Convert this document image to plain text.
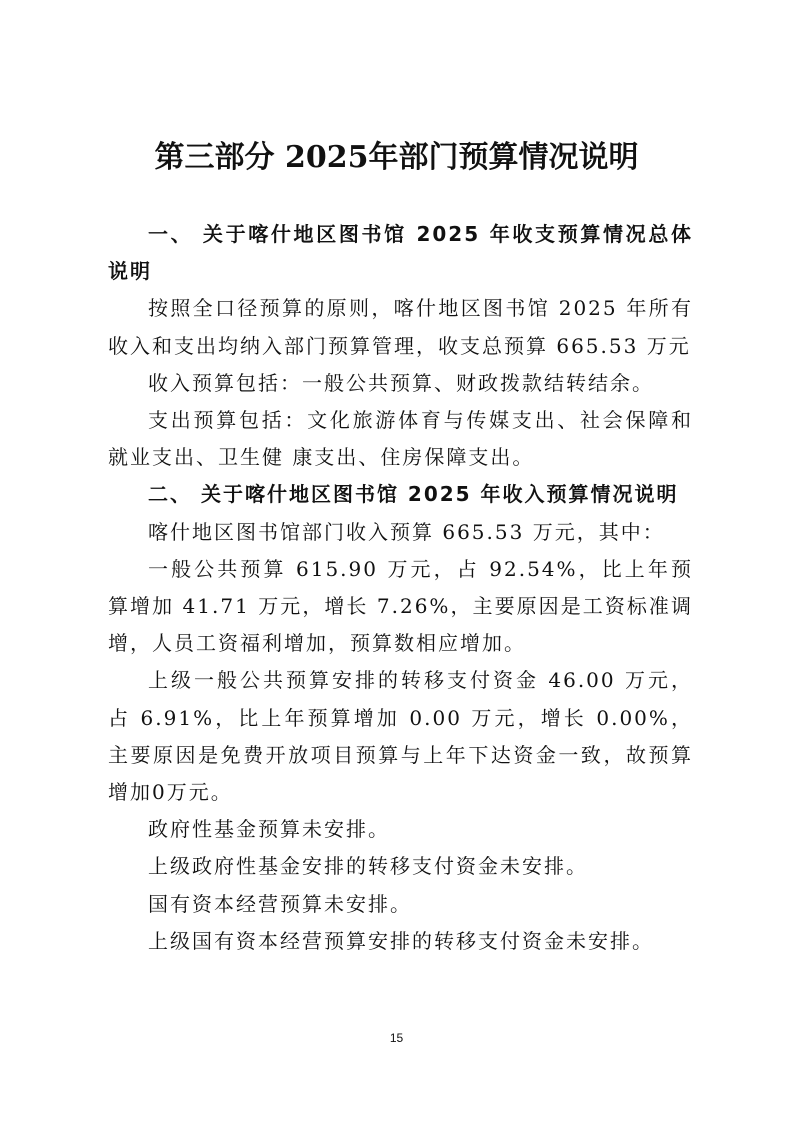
第三部分 2025年部门预算情况说明
一、 关于喀什地区图书馆 2025 年收支预算情况总体说明
按照全口径预算的原则，喀什地区图书馆 2025 年所有收入和支出均纳入部门预算管理，收支总预算 665.53 万元
收入预算包括：一般公共预算、财政拨款结转结余。
支出预算包括：文化旅游体育与传媒支出、社会保障和就业支出、卫生健 康支出、住房保障支出。
二、 关于喀什地区图书馆 2025 年收入预算情况说明
喀什地区图书馆部门收入预算 665.53 万元，其中：
一般公共预算 615.90 万元，占 92.54%，比上年预算增加 41.71 万元，增长 7.26%，主要原因是工资标准调增，人员工资福利增加，预算数相应增加。
上级一般公共预算安排的转移支付资金 46.00 万元，占 6.91%，比上年预算增加 0.00 万元，增长 0.00%，主要原因是免费开放项目预算与上年下达资金一致，故预算增加0万元。
政府性基金预算未安排。
上级政府性基金安排的转移支付资金未安排。
国有资本经营预算未安排。
上级国有资本经营预算安排的转移支付资金未安排。
15
